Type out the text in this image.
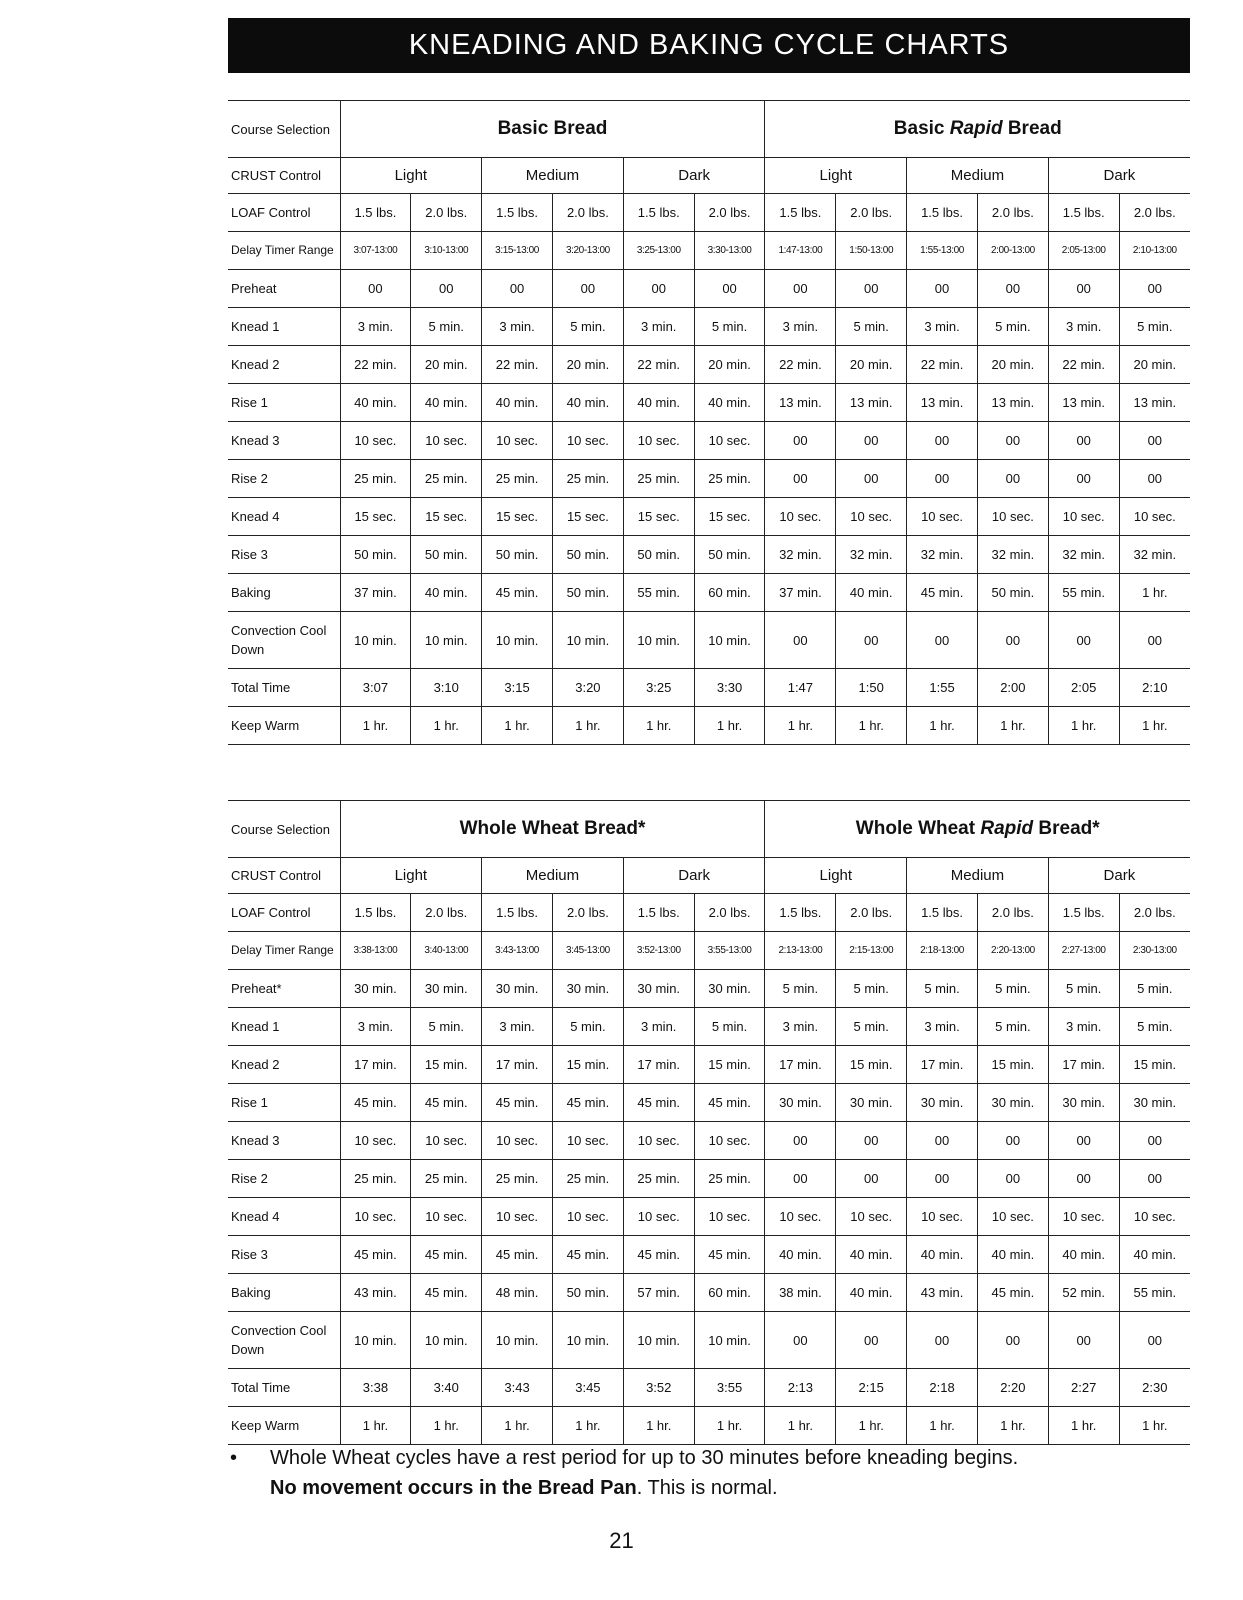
KNEADING AND BAKING CYCLE CHARTS
Course Selection	Basic Bread						Basic Rapid Bread					
CRUST Control	Light		Medium		Dark		Light		Medium		Dark	
LOAF Control	1.5 lbs.	2.0 lbs.	1.5 lbs.	2.0 lbs.	1.5 lbs.	2.0 lbs.	1.5 lbs.	2.0 lbs.	1.5 lbs.	2.0 lbs.	1.5 lbs.	2.0 lbs.
Delay Timer Range	3:07-13:00	3:10-13:00	3:15-13:00	3:20-13:00	3:25-13:00	3:30-13:00	1:47-13:00	1:50-13:00	1:55-13:00	2:00-13:00	2:05-13:00	2:10-13:00
Preheat	00	00	00	00	00	00	00	00	00	00	00	00
Knead 1	3 min.	5 min.	3 min.	5 min.	3 min.	5 min.	3 min.	5 min.	3 min.	5 min.	3 min.	5 min.
Knead 2	22 min.	20 min.	22 min.	20 min.	22 min.	20 min.	22 min.	20 min.	22 min.	20 min.	22 min.	20 min.
Rise 1	40 min.	40 min.	40 min.	40 min.	40 min.	40 min.	13 min.	13 min.	13 min.	13 min.	13 min.	13 min.
Knead 3	10 sec.	10 sec.	10 sec.	10 sec.	10 sec.	10 sec.	00	00	00	00	00	00
Rise 2	25 min.	25 min.	25 min.	25 min.	25 min.	25 min.	00	00	00	00	00	00
Knead 4	15 sec.	15 sec.	15 sec.	15 sec.	15 sec.	15 sec.	10 sec.	10 sec.	10 sec.	10 sec.	10 sec.	10 sec.
Rise 3	50 min.	50 min.	50 min.	50 min.	50 min.	50 min.	32 min.	32 min.	32 min.	32 min.	32 min.	32 min.
Baking	37 min.	40 min.	45 min.	50 min.	55 min.	60 min.	37 min.	40 min.	45 min.	50 min.	55 min.	1 hr.
Convection Cool Down	10 min.	10 min.	10 min.	10 min.	10 min.	10 min.	00	00	00	00	00	00
Total Time	3:07	3:10	3:15	3:20	3:25	3:30	1:47	1:50	1:55	2:00	2:05	2:10
Keep Warm	1 hr.	1 hr.	1 hr.	1 hr.	1 hr.	1 hr.	1 hr.	1 hr.	1 hr.	1 hr.	1 hr.	1 hr.
Course Selection	Whole Wheat Bread*						Whole Wheat Rapid Bread*					
CRUST Control	Light		Medium		Dark		Light		Medium		Dark	
LOAF Control	1.5 lbs.	2.0 lbs.	1.5 lbs.	2.0 lbs.	1.5 lbs.	2.0 lbs.	1.5 lbs.	2.0 lbs.	1.5 lbs.	2.0 lbs.	1.5 lbs.	2.0 lbs.
Delay Timer Range	3:38-13:00	3:40-13:00	3:43-13:00	3:45-13:00	3:52-13:00	3:55-13:00	2:13-13:00	2:15-13:00	2:18-13:00	2:20-13:00	2:27-13:00	2:30-13:00
Preheat*	30 min.	30 min.	30 min.	30 min.	30 min.	30 min.	5 min.	5 min.	5 min.	5 min.	5 min.	5 min.
Knead 1	3 min.	5 min.	3 min.	5 min.	3 min.	5 min.	3 min.	5 min.	3 min.	5 min.	3 min.	5 min.
Knead 2	17 min.	15 min.	17 min.	15 min.	17 min.	15 min.	17 min.	15 min.	17 min.	15 min.	17 min.	15 min.
Rise 1	45 min.	45 min.	45 min.	45 min.	45 min.	45 min.	30 min.	30 min.	30 min.	30 min.	30 min.	30 min.
Knead 3	10 sec.	10 sec.	10 sec.	10 sec.	10 sec.	10 sec.	00	00	00	00	00	00
Rise 2	25 min.	25 min.	25 min.	25 min.	25 min.	25 min.	00	00	00	00	00	00
Knead 4	10 sec.	10 sec.	10 sec.	10 sec.	10 sec.	10 sec.	10 sec.	10 sec.	10 sec.	10 sec.	10 sec.	10 sec.
Rise 3	45 min.	45 min.	45 min.	45 min.	45 min.	45 min.	40 min.	40 min.	40 min.	40 min.	40 min.	40 min.
Baking	43 min.	45 min.	48 min.	50 min.	57 min.	60 min.	38 min.	40 min.	43 min.	45 min.	52 min.	55 min.
Convection Cool Down	10 min.	10 min.	10 min.	10 min.	10 min.	10 min.	00	00	00	00	00	00
Total Time	3:38	3:40	3:43	3:45	3:52	3:55	2:13	2:15	2:18	2:20	2:27	2:30
Keep Warm	1 hr.	1 hr.	1 hr.	1 hr.	1 hr.	1 hr.	1 hr.	1 hr.	1 hr.	1 hr.	1 hr.	1 hr.
• Whole Wheat cycles have a rest period for up to 30 minutes before kneading begins.
No movement occurs in the Bread Pan. This is normal.
21
